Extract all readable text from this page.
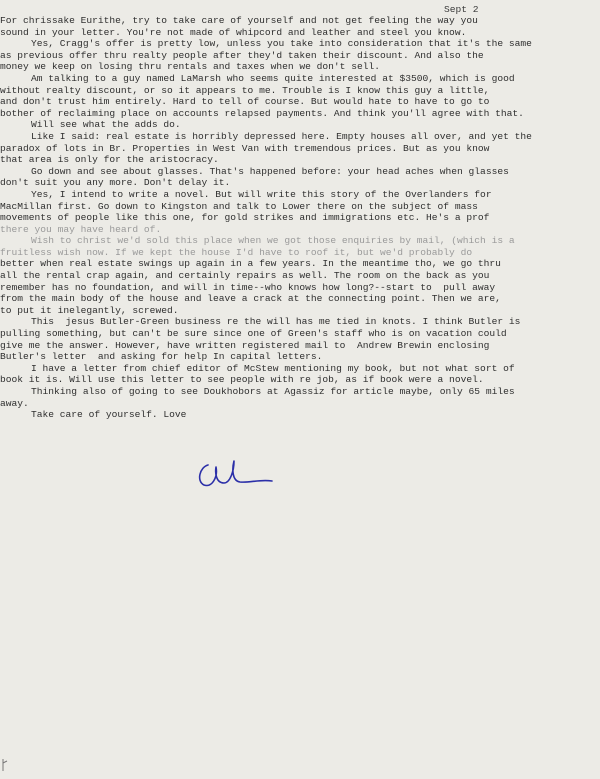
Sept 2
For chrissake Eurithe, try to take care of yourself and not get feeling the way you
sound in your letter. You're not made of whipcord and leather and steel you know.
Yes, Cragg's offer is pretty low, unless you take into consideration that it's the same
as previous offer thru realty people after they'd taken their discount. And also the
money we keep on losing thru rentals and taxes when we don't sell.
Am talking to a guy named LaMarsh who seems quite interested at $3500, which is good
without realty discount, or so it appears to me. Trouble is I know this guy a little,
and don't trust him entirely. Hard to tell of course. But would hate to have to go to
bother of reclaiming place on accounts relapsed payments. And think you'll agree with that.
Will see what the adds do.
Like I said: real estate is horribly depressed here. Empty houses all over, and yet the
paradox of lots in Br. Properties in West Van with tremendous prices. But as you know
that area is only for the aristocracy.
Go down and see about glasses. That's happened before: your head aches when glasses
don't suit you any more. Don't delay it.
Yes, I intend to write a novel. But will write this story of the Overlanders for
MacMillan first. Go down to Kingston and talk to Lower there on the subject of mass
movements of people like this one, for gold strikes and immigrations etc. He's a prof
there you may have heard of.
Wish to christ we'd sold this place when we got those enquiries by mail, (which is a
fruitless wish now. If we kept the house I'd have to roof it, but we'd probably do
better when real estate swings up again in a few years. In the meantime tho, we go thru
all the rental crap again, and certainly repairs as well. The room on the back as you
remember has no foundation, and will in time--who knows how long?--start to  pull away
from the main body of the house and leave a crack at the connecting point. Then we are,
to put it inelegantly, screwed.
This  jesus Butler-Green business re the will has me tied in knots. I think Butler is
pulling something, but can't be sure since one of Green's staff who is on vacation could
give me the answer. However, have written registered mail to  Andrew Brewin enclosing
Butler's letter  and asking for help In capital letters.
I have a letter from chief editor of McStew mentioning my book, but not what sort of
book it is. Will use this letter to see people with re job, as if book were a novel.
Thinking also of going to see Doukhobors at Agassiz for article maybe, only 65 miles
away.
Take care of yourself. Love
